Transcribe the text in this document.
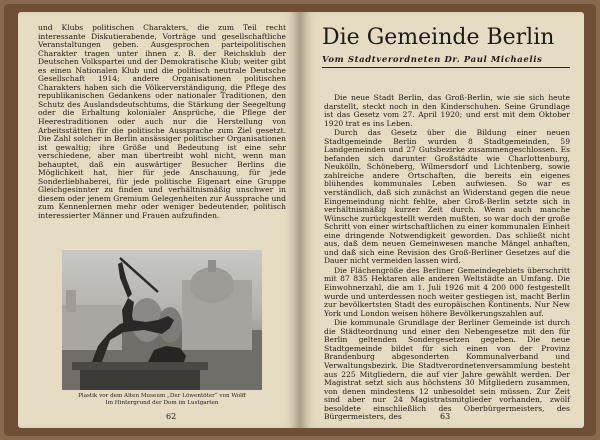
und Klubs politischen Charakters, die zum Teil recht interessante Diskutierabende, Vorträge und gesellschaftliche Veranstaltungen geben. Ausgesprochen parteipolitischen Charakter tragen unter ihnen z. B. der Reichsklub der Deutschen Volkspartei und der Demokratische Klub; weiter gibt es einen Nationalen Klub und die politisch neutrale Deutsche Gesellschaft 1914; andere Organisationen politischen Charakters haben sich die Völkerverständigung, die Pflege des republikanischen Gedankens oder nationaler Traditionen, den Schutz des Auslandsdeutschtums, die Stärkung der Seegeltung oder die Erhaltung kolonialer Ansprüche, die Pflege der Heerestraditionen oder auch nur die Herstellung von Arbeitsstätten für die politische Aussprache zum Ziel gesetzt. Die Zahl solcher in Berlin ansässiger politischer Organisationen ist gewaltig; ihre Größe und Bedeutung ist eine sehr verschiedene, aber man übertreibt wohl nicht, wenn man behauptet, daß ein auswärtiger Besucher Berlins die Möglichkeit hat, hier für jede Anschauung, für jede Sonderliebhaberei, für jede politische Eigenart eine Gruppe Gleichgesinnter zu finden und verhältnismäßig unschwer in diesem oder jenem Gremium Gelegenheiten zur Aussprache und zum Kennenlernen mehr oder weniger bedeutender, politisch interessierter Männer und Frauen aufzufinden.

Plastik vor dem Alten Museum „Der Löwentöter“ von Wolff
Im Hintergrund der Dom im Lustgarten
62
Die Gemeinde Berlin
Vom Stadtverordneten Dr. Paul Michaelis

Die neue Stadt Berlin, das Groß-Berlin, wie sie sich heute darstellt, steckt noch in den Kinderschuhen. Seine Grundlage ist das Gesetz vom 27. April 1920; und erst mit dem Oktober 1920 trat es ins Leben.

Durch das Gesetz über die Bildung einer neuen Stadtgemeinde Berlin wurden 8 Stadtgemeinden, 59 Landgemeinden und 27 Gutsbezirke zusammengeschlossen. Es befanden sich darunter Großstädte wie Charlottenburg, Neukölln, Schöneberg, Wilmersdorf und Lichtenberg, sowie zahlreiche andere Ortschaften, die bereits ein eigenes blühendes kommunales Leben aufwiesen. So war es verständlich, daß sich zunächst an Widerstand gegen die neue Eingemeindung nicht fehlte, aber Groß-Berlin setzte sich in verhältnismäßig kurzer Zeit durch. Wenn auch manche Wünsche zurückgestellt werden mußten, so war doch der große Schritt von einer wirtschaftlichen zu einer kommunalen Einheit eine dringende Notwendigkeit geworden. Das schließt nicht aus, daß dem neuen Gemeinwesen manche Mängel anhaften, und daß sich eine Revision des Groß-Berliner Gesetzes auf die Dauer nicht vermeiden lassen wird.

Die Flächengröße des Berliner Gemeindegebiets überschritt mit 87 835 Hektaren alle anderen Weltstädte an Umfang. Die Einwohnerzahl, die am 1. Juli 1926 mit 4 200 000 festgestellt wurde und unterdessen noch weiter gestiegen ist, macht Berlin zur bevölkertsten Stadt des europäischen Kontinents. Nur New York und London weisen höhere Bevölkerungszahlen auf.

Die kommunale Grundlage der Berliner Gemeinde ist durch die Städteordnung und einer den Nebengesetze mit den für Berlin geltenden Sondergesetzen gegeben. Die neue Stadtgemeinde bildet für sich einen von der Provinz Brandenburg abgesonderten Kommunalverband und Verwaltungsbezirk. Die Stadtverordnetenversammlung besteht aus 225 Mitgliedern, die auf vier Jahre gewählt werden. Der Magistrat setzt sich aus höchstens 30 Mitgliedern zusammen, von denen mindestens 12 unbesoldet sein müssen. Zur Zeit sind aber nur 24 Magistratsmitglieder vorhanden, zwölf besoldete einschließlich des Oberbürgermeisters, des Bürgermeisters, des	63
